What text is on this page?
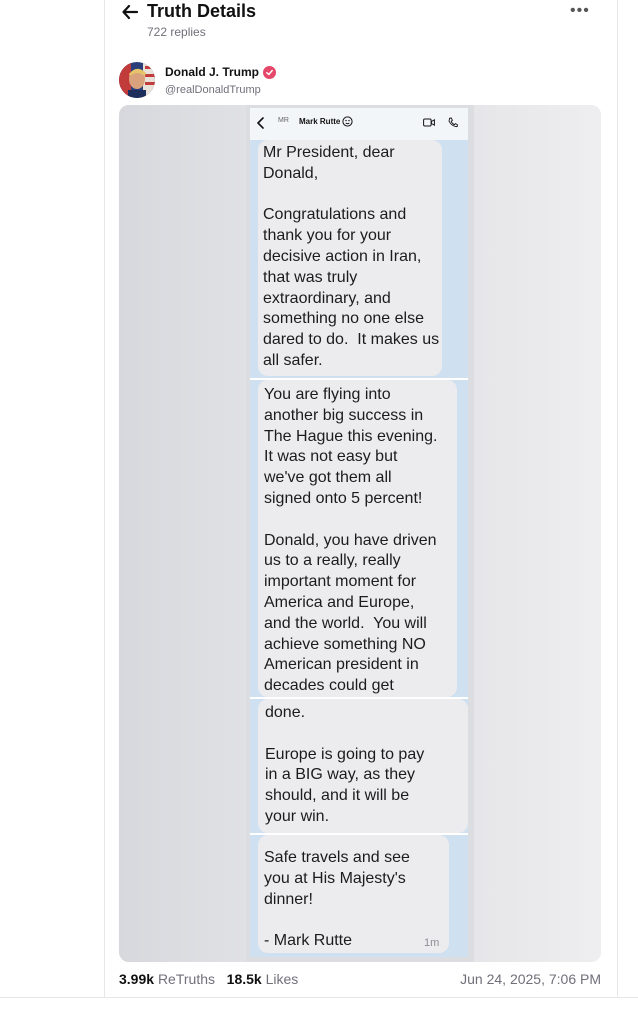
Truth Details
722 replies
•••
Donald J. Trump
@realDonaldTrump
MR Mark Rutte
Mr President, dear
Donald,

Congratulations and
thank you for your
decisive action in Iran,
that was truly
extraordinary, and
something no one else
dared to do.  It makes us
all safer.
You are flying into
another big success in
The Hague this evening.
It was not easy but
we've got them all
signed onto 5 percent!

Donald, you have driven
us to a really, really
important moment for
America and Europe,
and the world.  You will
achieve something NO
American president in
decades could get
done.

Europe is going to pay
in a BIG way, as they
should, and it will be
your win.
Safe travels and see
you at His Majesty's
dinner!

- Mark Rutte	1m
3.99k ReTruths 18.5k Likes	Jun 24, 2025, 7:06 PM
